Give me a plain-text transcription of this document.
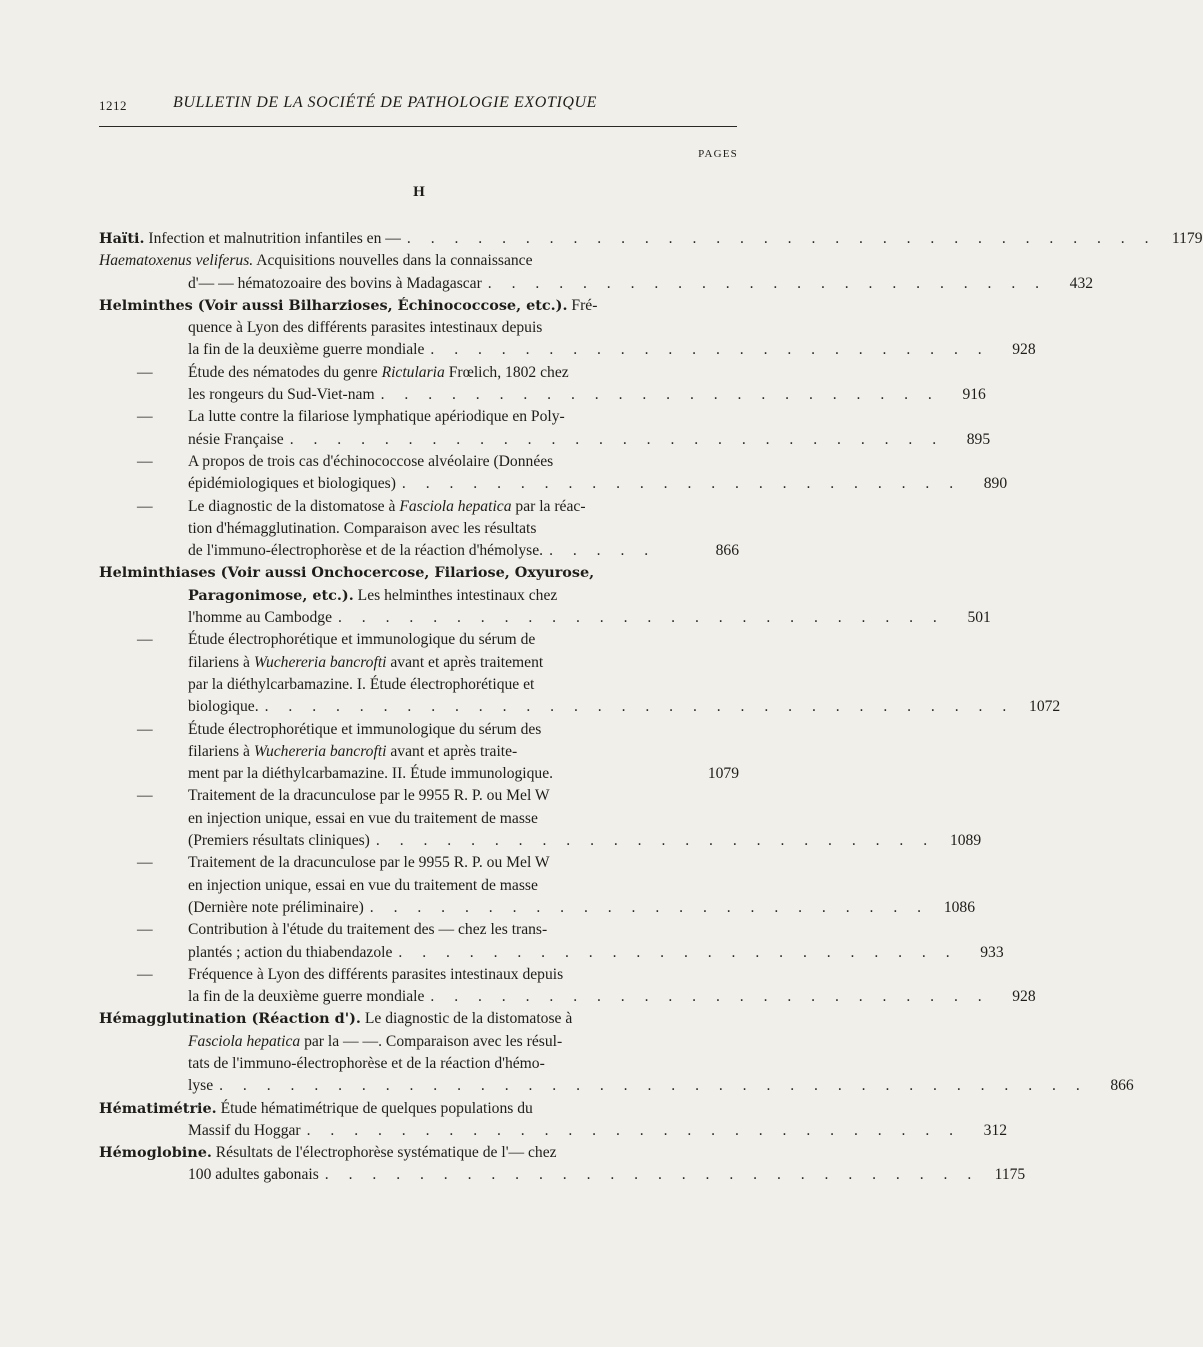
1212	BULLETIN DE LA SOCIÉTÉ DE PATHOLOGIE EXOTIQUE
PAGES
H
Haïti. Infection et malnutrition infantiles en — . . . . . . . . . . . . . . . . . . . . . . . . . . . . . . . . 1179
Haematoxenus veliferus. Acquisitions nouvelles dans la connaissance
d'— — hématozoaire des bovins à Madagascar . . . . . . . . . . . . . . . . . . . . . . . .	432
Helminthes (Voir aussi Bilharzioses, Échinococcose, etc.). Fré-
quence à Lyon des différents parasites intestinaux depuis
la fin de la deuxième guerre mondiale . . . . . . . . . . . . . . . . . . . . . . . .	928
— Étude des nématodes du genre Rictularia Frœlich, 1802 chez
les rongeurs du Sud-Viet-nam . . . . . . . . . . . . . . . . . . . . . . . .	916
— La lutte contre la filariose lymphatique apériodique en Poly-
nésie Française . . . . . . . . . . . . . . . . . . . . . . . . . . . .	895
— A propos de trois cas d'échinococcose alvéolaire (Données
épidémiologiques et biologiques) . . . . . . . . . . . . . . . . . . . . . . . .	890
— Le diagnostic de la distomatose à Fasciola hepatica par la réac-
tion d'hémagglutination. Comparaison avec les résultats
de l'immuno-électrophorèse et de la réaction d'hémolyse. . . . . .	866
Helminthiases (Voir aussi Onchocercose, Filariose, Oxyurose,
Paragonimose, etc.). Les helminthes intestinaux chez
l'homme au Cambodge . . . . . . . . . . . . . . . . . . . . . . . . . .	501
— Étude électrophorétique et immunologique du sérum de
filariens à Wuchereria bancrofti avant et après traitement
par la diéthylcarbamazine. I. Étude électrophorétique et
biologique. . . . . . . . . . . . . . . . . . . . . . . . . . . . . . . . . 1072
— Étude électrophorétique et immunologique du sérum des
filariens à Wuchereria bancrofti avant et après traite-
ment par la diéthylcarbamazine. II. Étude immunologique.	1079
— Traitement de la dracunculose par le 9955 R. P. ou Mel W
en injection unique, essai en vue du traitement de masse
(Premiers résultats cliniques) . . . . . . . . . . . . . . . . . . . . . . . . 1089
— Traitement de la dracunculose par le 9955 R. P. ou Mel W
en injection unique, essai en vue du traitement de masse
(Dernière note préliminaire) . . . . . . . . . . . . . . . . . . . . . . . . 1086
— Contribution à l'étude du traitement des — chez les trans-
plantés ; action du thiabendazole . . . . . . . . . . . . . . . . . . . . . . . .	933
— Fréquence à Lyon des différents parasites intestinaux depuis
la fin de la deuxième guerre mondiale . . . . . . . . . . . . . . . . . . . . . . . .	928
Hémagglutination (Réaction d'). Le diagnostic de la distomatose à
Fasciola hepatica par la — —. Comparaison avec les résul-
tats de l'immuno-électrophorèse et de la réaction d'hémo-
lyse . . . . . . . . . . . . . . . . . . . . . . . . . . . . . . . . . . . . .	866
Hématimétrie. Étude hématimétrique de quelques populations du
Massif du Hoggar . . . . . . . . . . . . . . . . . . . . . . . . . . . .	312
Hémoglobine. Résultats de l'électrophorèse systématique de l'— chez
100 adultes gabonais . . . . . . . . . . . . . . . . . . . . . . . . . . . . 1175
